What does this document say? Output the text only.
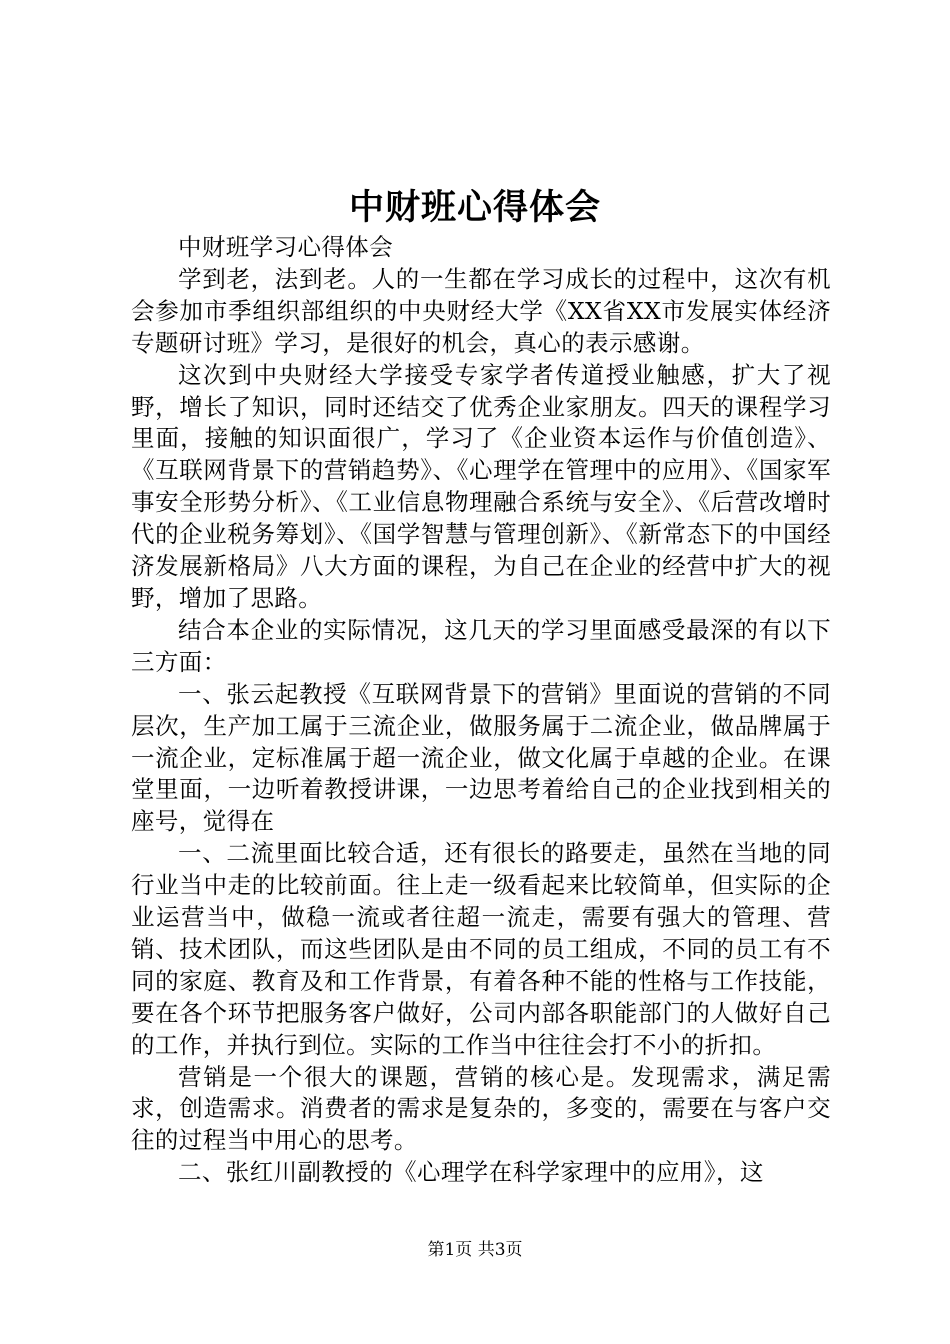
中财班心得体会

中财班学习心得体会

学到老，法到老。人的一生都在学习成长的过程中，这次有机会参加市季组织部组织的中央财经大学《XX省XX市发展实体经济专题研讨班》学习，是很好的机会，真心的表示感谢。

这次到中央财经大学接受专家学者传道授业触感，扩大了视野，增长了知识，同时还结交了优秀企业家朋友。四天的课程学习里面，接触的知识面很广，学习了《企业资本运作与价值创造》、《互联网背景下的营销趋势》、《心理学在管理中的应用》、《国家军事安全形势分析》、《工业信息物理融合系统与安全》、《后营改增时代的企业税务筹划》、《国学智慧与管理创新》、《新常态下的中国经济发展新格局》八大方面的课程，为自己在企业的经营中扩大的视野，增加了思路。

结合本企业的实际情况，这几天的学习里面感受最深的有以下三方面：

一、张云起教授《互联网背景下的营销》里面说的营销的不同层次，生产加工属于三流企业，做服务属于二流企业，做品牌属于一流企业，定标准属于超一流企业，做文化属于卓越的企业。在课堂里面，一边听着教授讲课，一边思考着给自己的企业找到相关的座号，觉得在

一、二流里面比较合适，还有很长的路要走，虽然在当地的同行业当中走的比较前面。往上走一级看起来比较简单，但实际的企业运营当中，做稳一流或者往超一流走，需要有强大的管理、营销、技术团队，而这些团队是由不同的员工组成，不同的员工有不同的家庭、教育及和工作背景，有着各种不能的性格与工作技能，要在各个环节把服务客户做好，公司内部各职能部门的人做好自己的工作，并执行到位。实际的工作当中往往会打不小的折扣。

营销是一个很大的课题，营销的核心是。发现需求，满足需求，创造需求。消费者的需求是复杂的，多变的，需要在与客户交往的过程当中用心的思考。

二、张红川副教授的《心理学在科学家理中的应用》，这

第1页 共3页
